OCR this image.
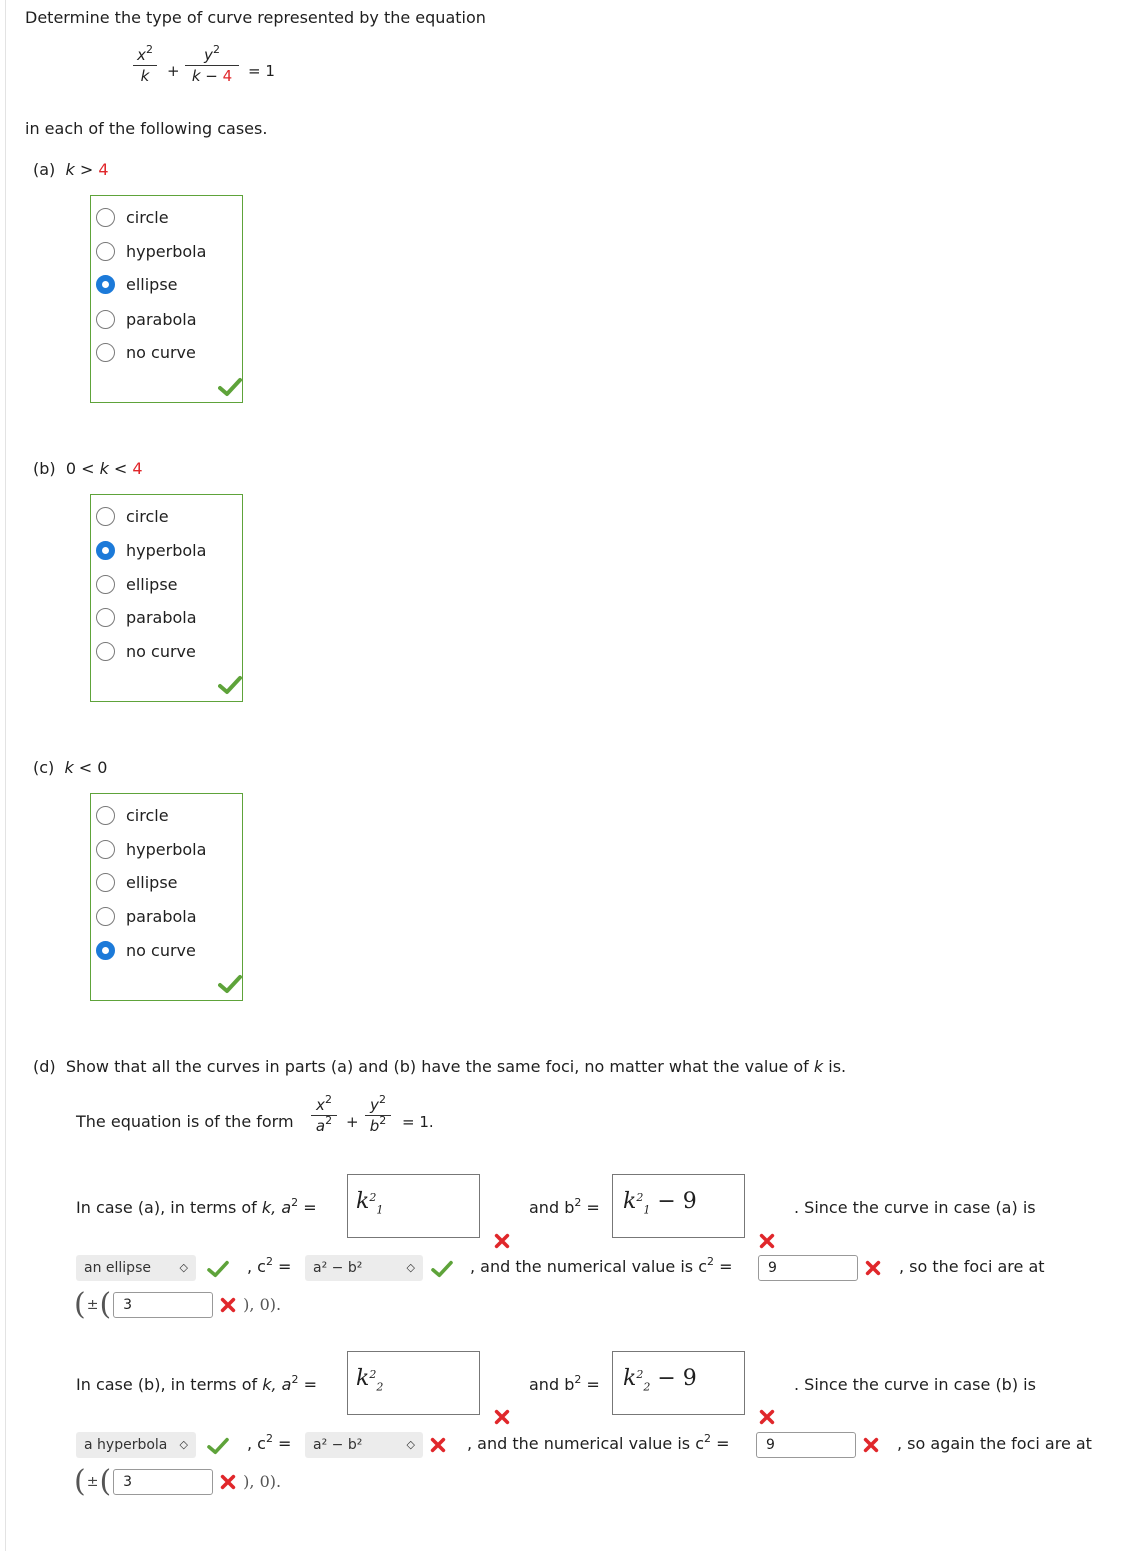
Determine the type of curve represented by the equation
$x^2$
k	+
$y^2$
k − 4	= 1
in each of the following cases.
(a) k > 4
circle
hyperbola
ellipse
parabola
no curve
(b) 0 < k < 4
circle
hyperbola
ellipse
parabola
no curve
(c) k < 0
circle
hyperbola
ellipse
parabola
no curve
(d) Show that all the curves in parts (a) and (b) have the same foci, no matter what the value of k is.
The equation is of the form
$x^2$
$a^2$ +
$y^2$
$b^2$	= 1.
In case (a), in terms of k, $a^2 = k^2_1$	and $b^2 = k^2_1 - 9$	. Since the curve in case (a) is
an ellipse	◇	, $c^2$ =	a² − b²	◇	, and the numerical value is $c^2$ =	9	, so the foci are at
( ± ( 3	), 0).
In case (b), in terms of k, $a^2 = k^2_2$	and $b^2 = k^2_2 - 9$	. Since the curve in case (b) is
a hyperbola ◇	, $c^2$ =	a² − b²	◇	, and the numerical value is $c^2$ =	9	, so again the foci are at
( ± ( 3	), 0).
